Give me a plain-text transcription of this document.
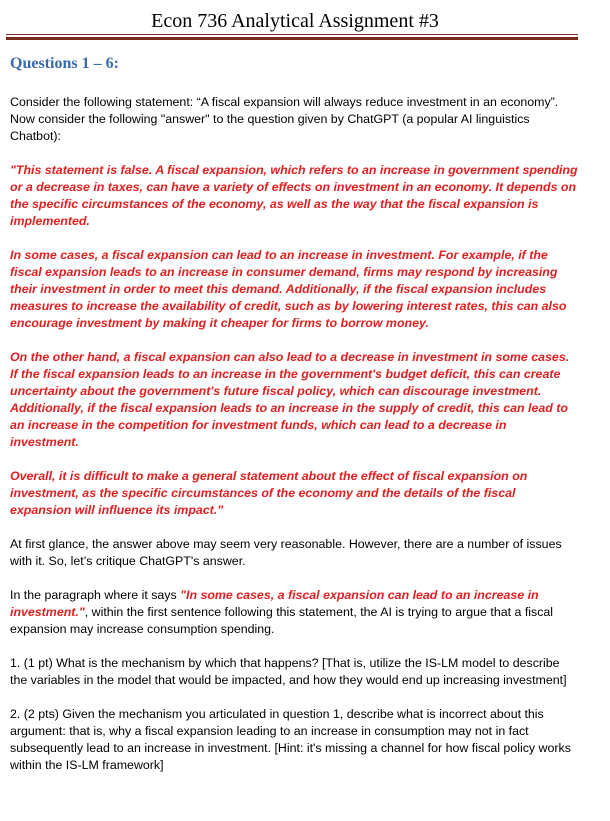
Econ 736 Analytical Assignment #3
Questions 1 – 6:

Consider the following statement: “A fiscal expansion will always reduce investment in an economy”. Now consider the following "answer" to the question given by ChatGPT (a popular AI linguistics Chatbot):

"This statement is false. A fiscal expansion, which refers to an increase in government spending or a decrease in taxes, can have a variety of effects on investment in an economy. It depends on the specific circumstances of the economy, as well as the way that the fiscal expansion is implemented.

In some cases, a fiscal expansion can lead to an increase in investment. For example, if the fiscal expansion leads to an increase in consumer demand, firms may respond by increasing their investment in order to meet this demand. Additionally, if the fiscal expansion includes measures to increase the availability of credit, such as by lowering interest rates, this can also encourage investment by making it cheaper for firms to borrow money.

On the other hand, a fiscal expansion can also lead to a decrease in investment in some cases. If the fiscal expansion leads to an increase in the government's budget deficit, this can create uncertainty about the government's future fiscal policy, which can discourage investment. Additionally, if the fiscal expansion leads to an increase in the supply of credit, this can lead to an increase in the competition for investment funds, which can lead to a decrease in investment.

Overall, it is difficult to make a general statement about the effect of fiscal expansion on investment, as the specific circumstances of the economy and the details of the fiscal expansion will influence its impact."

At first glance, the answer above may seem very reasonable. However, there are a number of issues with it. So, let’s critique ChatGPT's answer.

In the paragraph where it says "In some cases, a fiscal expansion can lead to an increase in investment.", within the first sentence following this statement, the AI is trying to argue that a fiscal expansion may increase consumption spending.

1. (1 pt) What is the mechanism by which that happens? [That is, utilize the IS-LM model to describe the variables in the model that would be impacted, and how they would end up increasing investment]

2. (2 pts) Given the mechanism you articulated in question 1, describe what is incorrect about this argument: that is, why a fiscal expansion leading to an increase in consumption may not in fact subsequently lead to an increase in investment. [Hint: it's missing a channel for how fiscal policy works within the IS-LM framework]
